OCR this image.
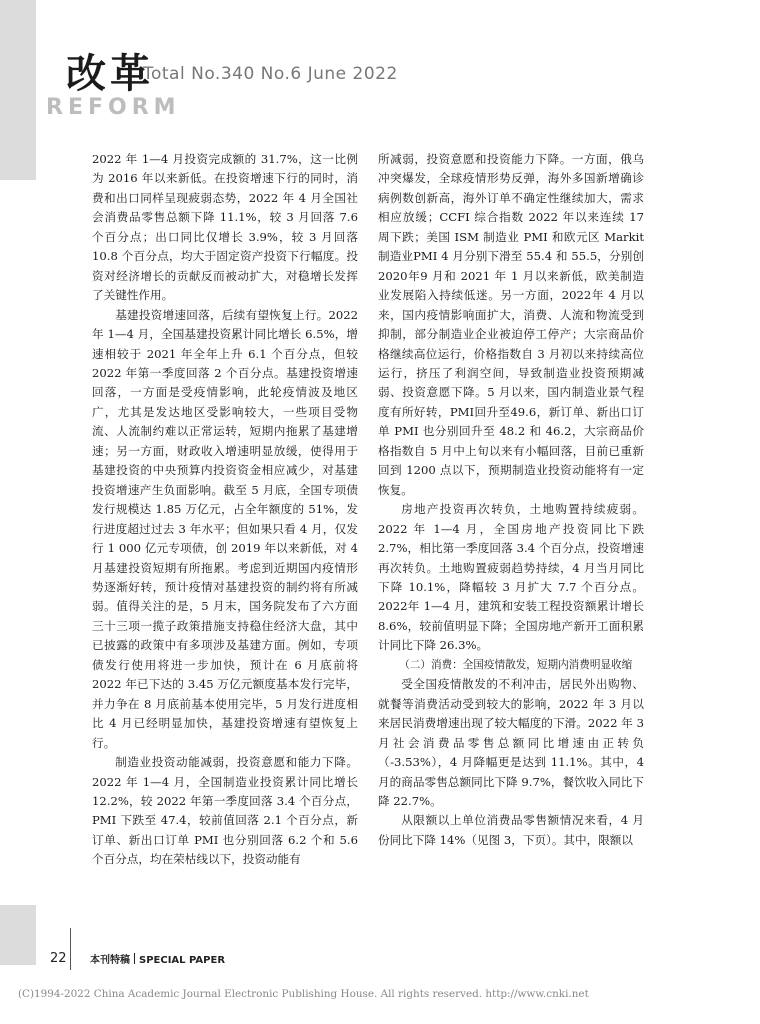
改革
Total No.340 No.6 June 2022
REFORM

2022 年 1—4 月投资完成额的 31.7%，这一比例为 2016 年以来新低。在投资增速下行的同时，消费和出口同样呈现疲弱态势，2022 年 4 月全国社会消费品零售总额下降 11.1%，较 3 月回落 7.6 个百分点；出口同比仅增长 3.9%，较 3 月回落10.8 个百分点，均大于固定资产投资下行幅度。投资对经济增长的贡献反而被动扩大，对稳增长发挥了关键性作用。

基建投资增速回落，后续有望恢复上行。2022 年 1—4 月，全国基建投资累计同比增长 6.5%，增速相较于 2021 年全年上升 6.1 个百分点，但较 2022 年第一季度回落 2 个百分点。基建投资增速回落，一方面是受疫情影响，此轮疫情波及地区广，尤其是发达地区受影响较大，一些项目受物流、人流制约难以正常运转，短期内拖累了基建增速；另一方面，财政收入增速明显放缓，使得用于基建投资的中央预算内投资资金相应减少，对基建投资增速产生负面影响。截至 5 月底，全国专项债发行规模达 1.85 万亿元，占全年额度的 51%，发行进度超过过去 3 年水平；但如果只看 4 月，仅发行 1 000 亿元专项债，创 2019 年以来新低，对 4 月基建投资短期有所拖累。考虑到近期国内疫情形势逐渐好转，预计疫情对基建投资的制约将有所减弱。值得关注的是，5 月末，国务院发布了六方面三十三项一揽子政策措施支持稳住经济大盘，其中已披露的政策中有多项涉及基建方面。例如，专项债发行使用将进一步加快，预计在 6 月底前将 2022 年已下达的 3.45 万亿元额度基本发行完毕，并力争在 8 月底前基本使用完毕，5 月发行进度相比 4 月已经明显加快，基建投资增速有望恢复上行。

制造业投资动能减弱，投资意愿和能力下降。2022 年 1—4 月，全国制造业投资累计同比增长 12.2%，较 2022 年第一季度回落 3.4 个百分点，PMI 下跌至 47.4，较前值回落 2.1 个百分点，新订单、新出口订单 PMI 也分别回落 6.2 个和 5.6 个百分点，均在荣枯线以下，投资动能有

所减弱，投资意愿和投资能力下降。一方面，俄乌冲突爆发，全球疫情形势反弹，海外多国新增确诊病例数创新高，海外订单不确定性继续加大，需求相应放缓；CCFI 综合指数 2022 年以来连续 17 周下跌；美国 ISM 制造业 PMI 和欧元区 Markit 制造业PMI 4 月分别下滑至 55.4 和 55.5，分别创 2020年9 月和 2021 年 1 月以来新低，欧美制造业发展陷入持续低迷。另一方面，2022年 4 月以来，国内疫情影响面扩大，消费、人流和物流受到抑制，部分制造业企业被迫停工停产；大宗商品价格继续高位运行，价格指数自 3 月初以来持续高位运行，挤压了利润空间，导致制造业投资预期减弱、投资意愿下降。5 月以来，国内制造业景气程度有所好转，PMI回升至49.6，新订单、新出口订单 PMI 也分别回升至 48.2 和 46.2，大宗商品价格指数自 5 月中上旬以来有小幅回落，目前已重新回到 1200 点以下，预期制造业投资动能将有一定恢复。

房地产投资再次转负，土地购置持续疲弱。2022 年 1—4 月，全国房地产投资同比下跌 2.7%，相比第一季度回落 3.4 个百分点，投资增速再次转负。土地购置疲弱趋势持续，4 月当月同比下降 10.1%，降幅较 3 月扩大 7.7 个百分点。2022年 1—4 月，建筑和安装工程投资额累计增长 8.6%，较前值明显下降；全国房地产新开工面积累计同比下降 26.3%。

（二）消费：全国疫情散发，短期内消费明显收缩

受全国疫情散发的不利冲击，居民外出购物、就餐等消费活动受到较大的影响，2022 年 3 月以来居民消费增速出现了较大幅度的下滑。2022 年 3 月社会消费品零售总额同比增速由正转负（-3.53%），4 月降幅更是达到 11.1%。其中，4 月的商品零售总额同比下降 9.7%，餐饮收入同比下降 22.7%。

从限额以上单位消费品零售额情况来看，4 月份同比下降 14%（见图 3，下页）。其中，限额以

22 本刊特稿 SPECIAL PAPER
(C)1994-2022 China Academic Journal Electronic Publishing House. All rights reserved. http://www.cnki.net
